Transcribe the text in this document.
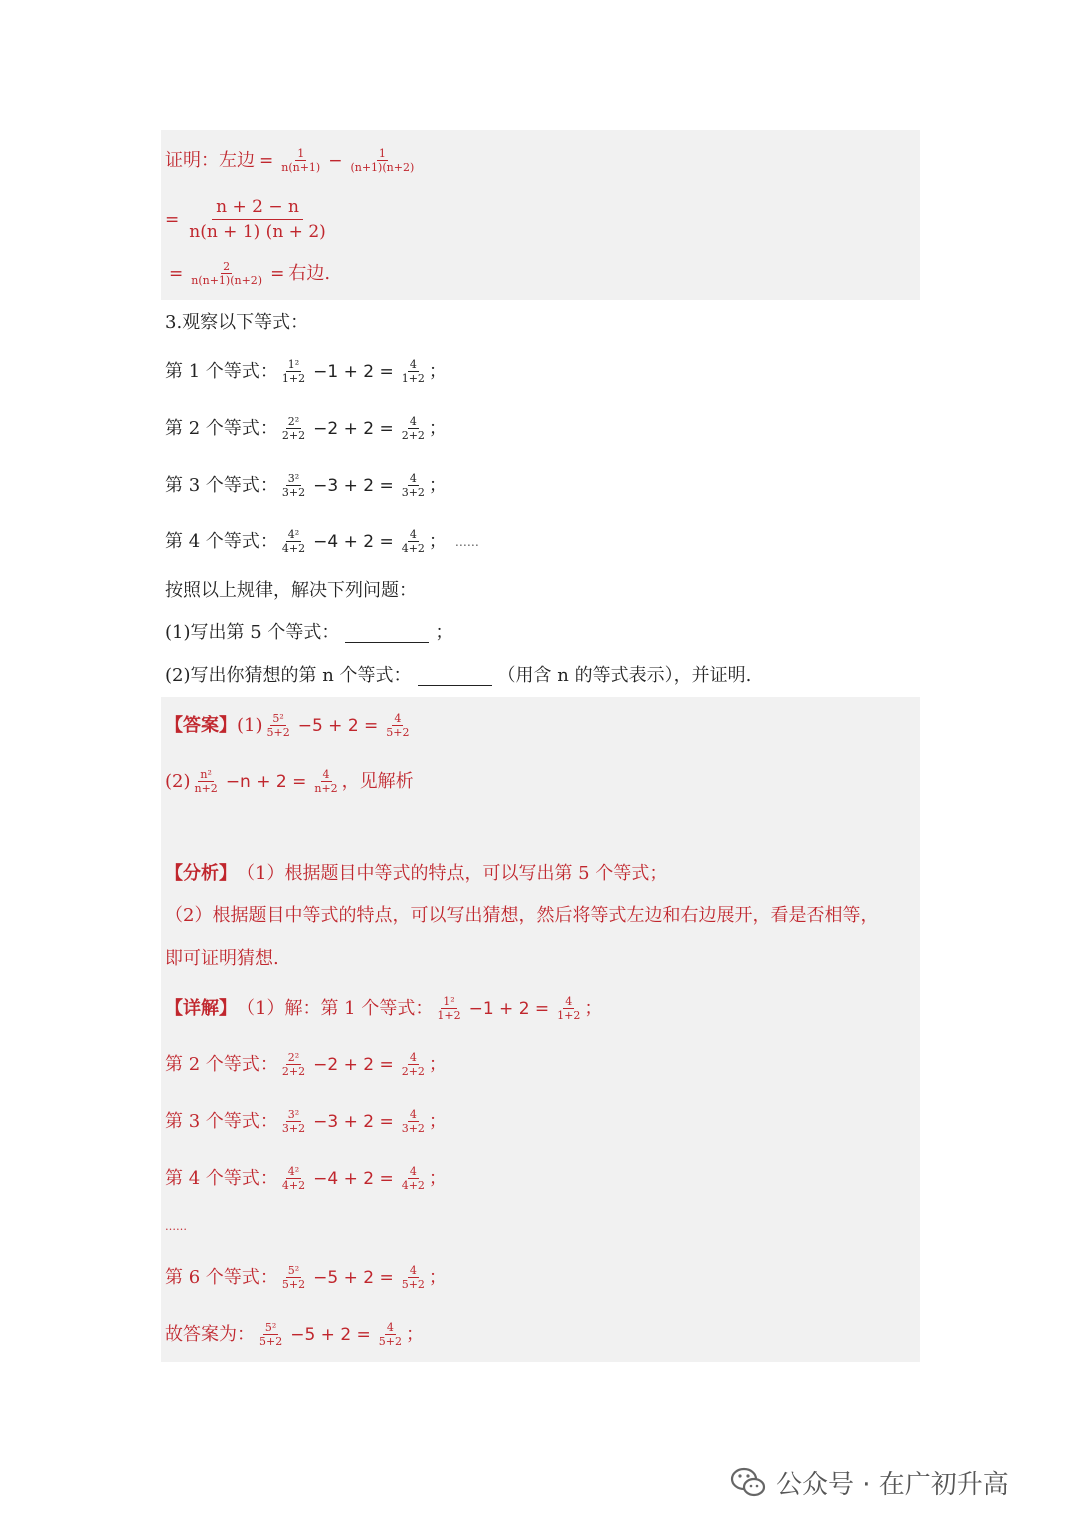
证明：左边 = $\frac{1}{n(n+1)} - \frac{1}{(n+1)(n+2)}$
= $\frac{n + 2 - n}{n(n + 1) (n + 2)}$
= $\frac{2}{n(n+1)(n+2)}$ = 右边.
3.观察以下等式：
第 1 个等式： $\frac{\text{1²}}{1+2} -1 + 2 = \frac{4}{1+2}$ ；
第 2 个等式： $\frac{\text{2²}}{2+2} -2 + 2 = \frac{4}{2+2}$ ；
第 3 个等式： $\frac{\text{3²}}{3+2} -3 + 2 = \frac{4}{3+2}$ ；
第 4 个等式： $\frac{\text{4²}}{4+2} -4 + 2 = \frac{4}{4+2}$ ； ……
按照以上规律，解决下列问题：
(1)写出第 5 个等式：	；
(2)写出你猜想的第 n 个等式：	（用含 n 的等式表示），并证明.
【答案】 $(1) \frac{\text{5²}}{5+2} -5 + 2 = \frac{4}{5+2}$
$(2) \frac{\text{n²}}{n+2} -n + 2 = \frac{4}{n+2}$ ，见解析
【分析】 （1）根据题目中等式的特点，可以写出第 5 个等式；
（2）根据题目中等式的特点，可以写出猜想，然后将等式左边和右边展开，看是否相等，
即可证明猜想.
【详解】 （1）解： 第 1 个等式： $\frac{\text{1²}}{1+2} -1 + 2 = \frac{4}{1+2}$ ；
第 2 个等式： $\frac{\text{2²}}{2+2} -2 + 2 = \frac{4}{2+2}$ ；
第 3 个等式： $\frac{\text{3²}}{3+2} -3 + 2 = \frac{4}{3+2}$ ；
第 4 个等式： $\frac{\text{4²}}{4+2} -4 + 2 = \frac{4}{4+2}$ ；
……
第 6 个等式： $\frac{\text{5²}}{5+2} -5 + 2 = \frac{4}{5+2}$ ；
故答案为： $\frac{\text{5²}}{5+2} -5 + 2 = \frac{4}{5+2}$ ；
公众号 · 在广初升高
